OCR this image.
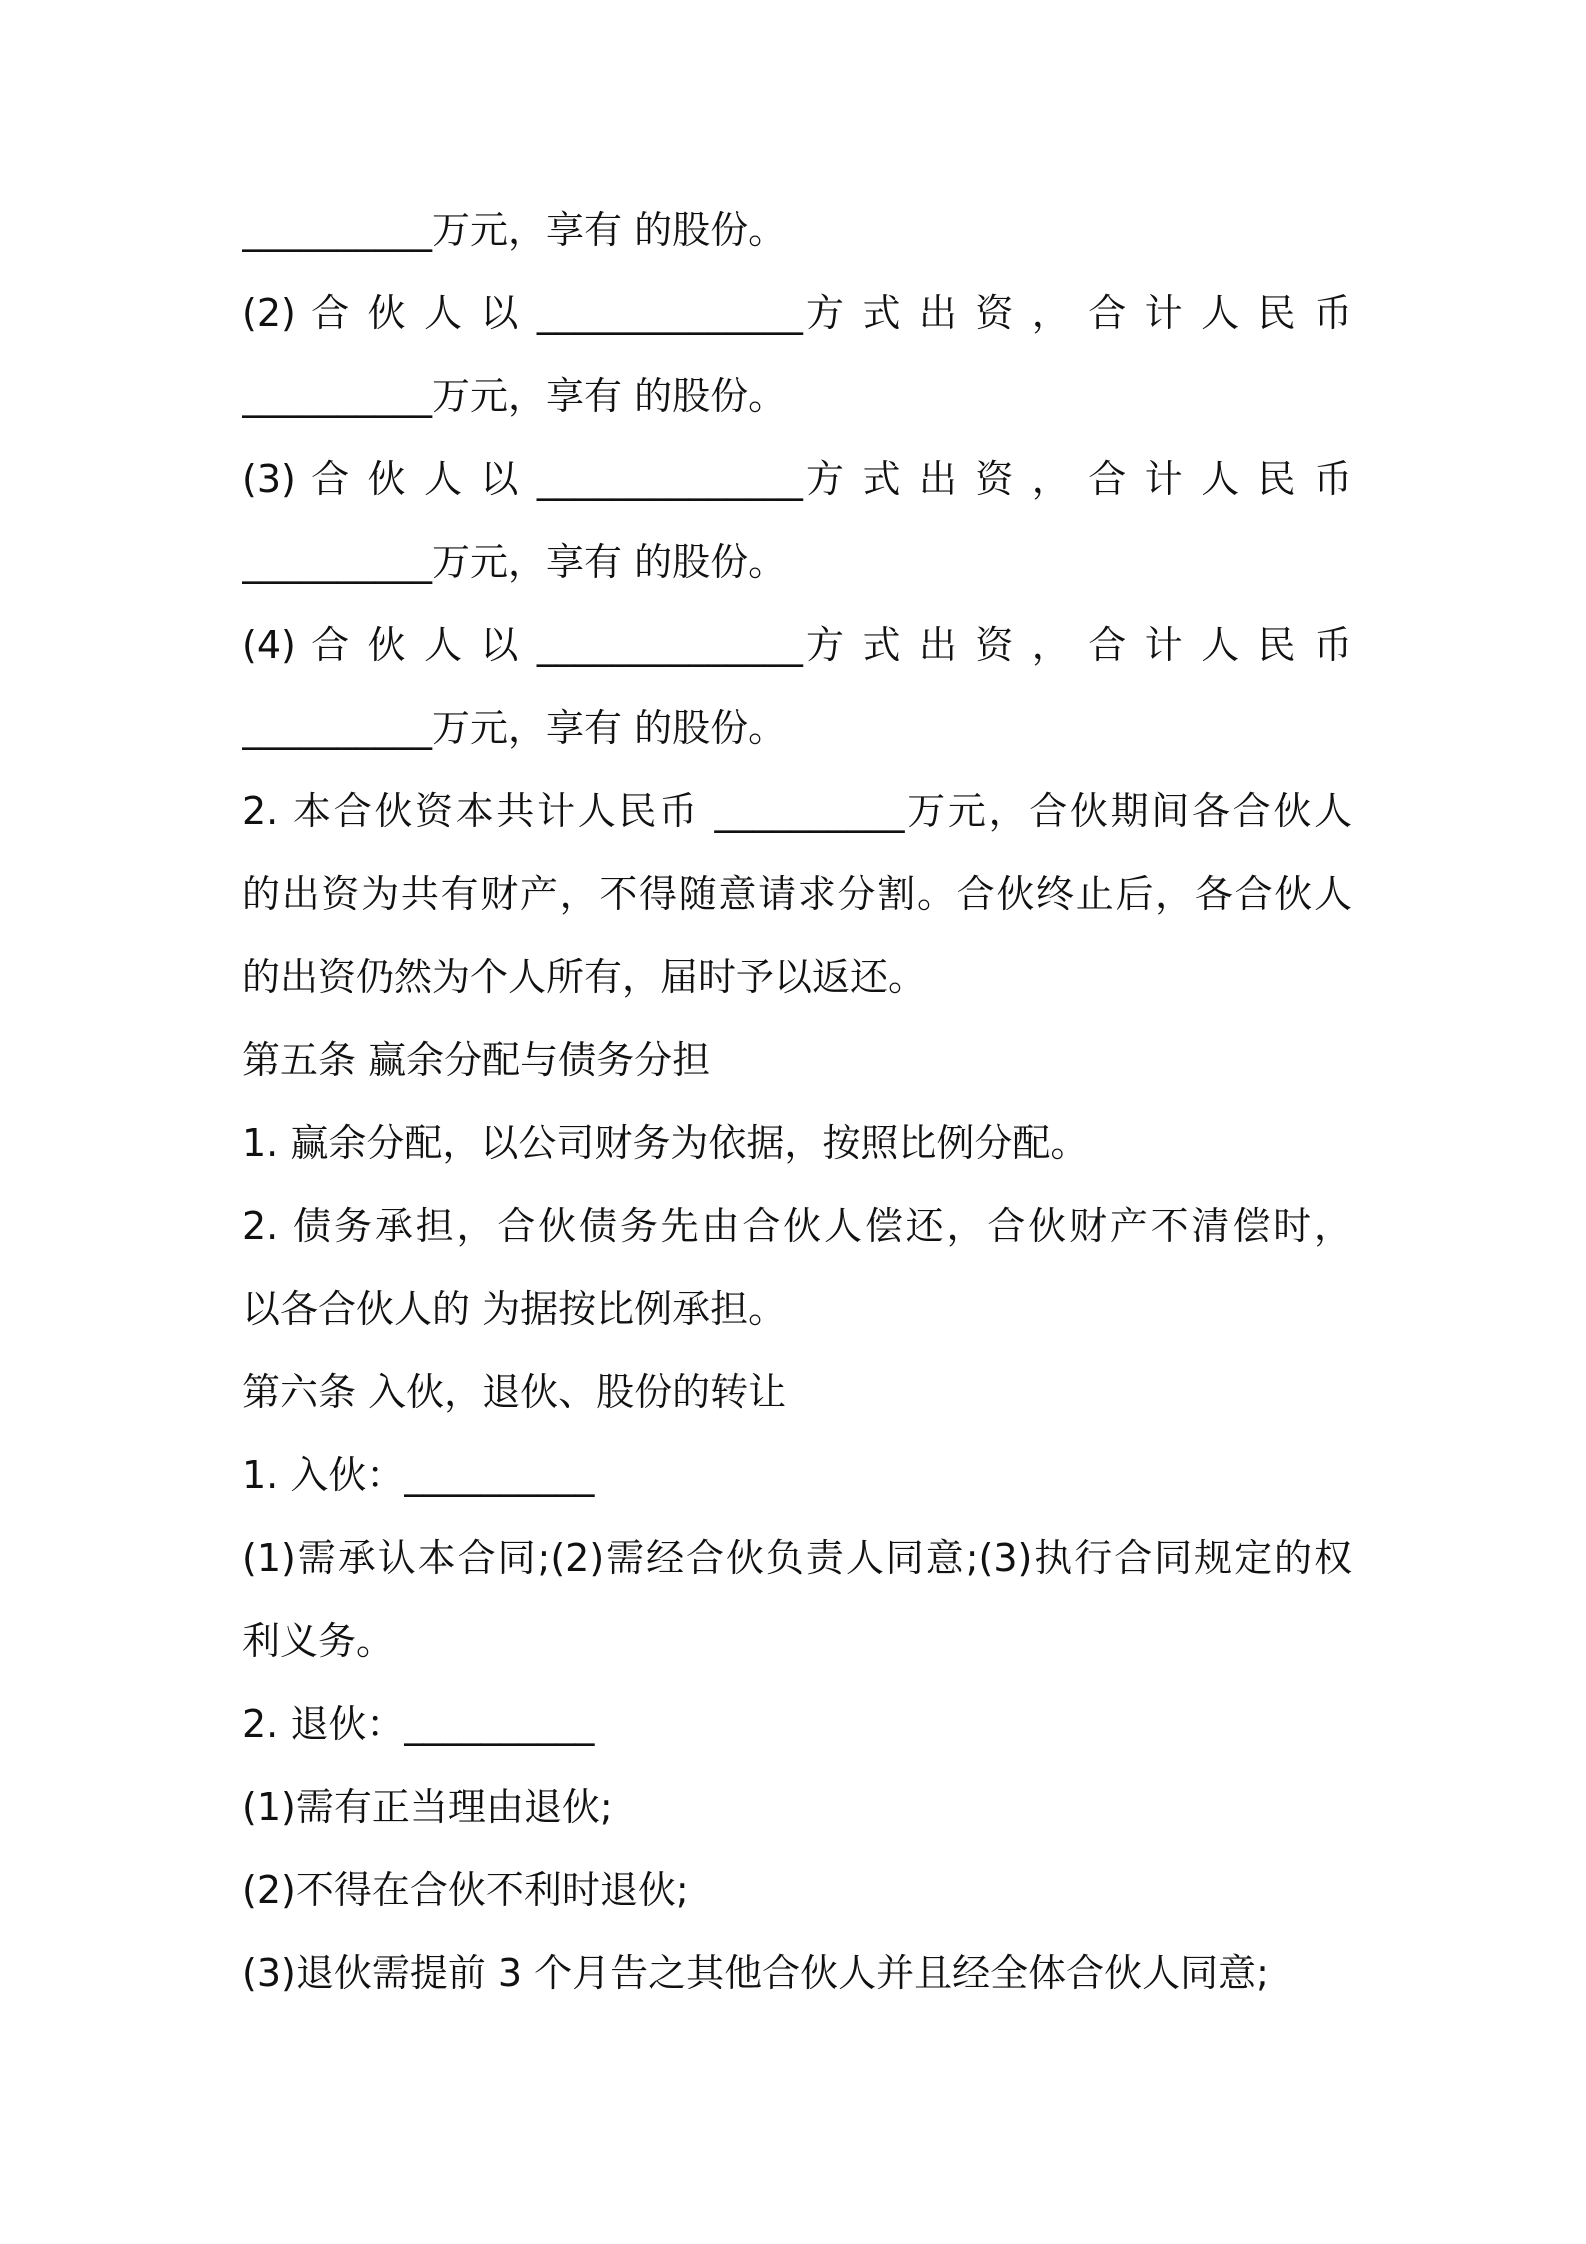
__________万元，享有 的股份。
(2) 合 伙 人 以 ______________方 式 出 资 ， 合 计 人 民 币
__________万元，享有 的股份。
(3) 合 伙 人 以 ______________方 式 出 资 ， 合 计 人 民 币
__________万元，享有 的股份。
(4) 合 伙 人 以 ______________方 式 出 资 ， 合 计 人 民 币
__________万元，享有 的股份。
2. 本合伙资本共计人民币 __________万元，合伙期间各合伙人
的出资为共有财产，不得随意请求分割。合伙终止后，各合伙人
的出资仍然为个人所有，届时予以返还。
第五条 赢余分配与债务分担
1. 赢余分配，以公司财务为依据，按照比例分配。
2. 债务承担，合伙债务先由合伙人偿还，合伙财产不清偿时，
以各合伙人的 为据按比例承担。
第六条 入伙，退伙、股份的转让
1. 入伙：__________
(1)需承认本合同;(2)需经合伙负责人同意;(3)执行合同规定的权
利义务。
2. 退伙：__________
(1)需有正当理由退伙;
(2)不得在合伙不利时退伙;
(3)退伙需提前 3 个月告之其他合伙人并且经全体合伙人同意;
